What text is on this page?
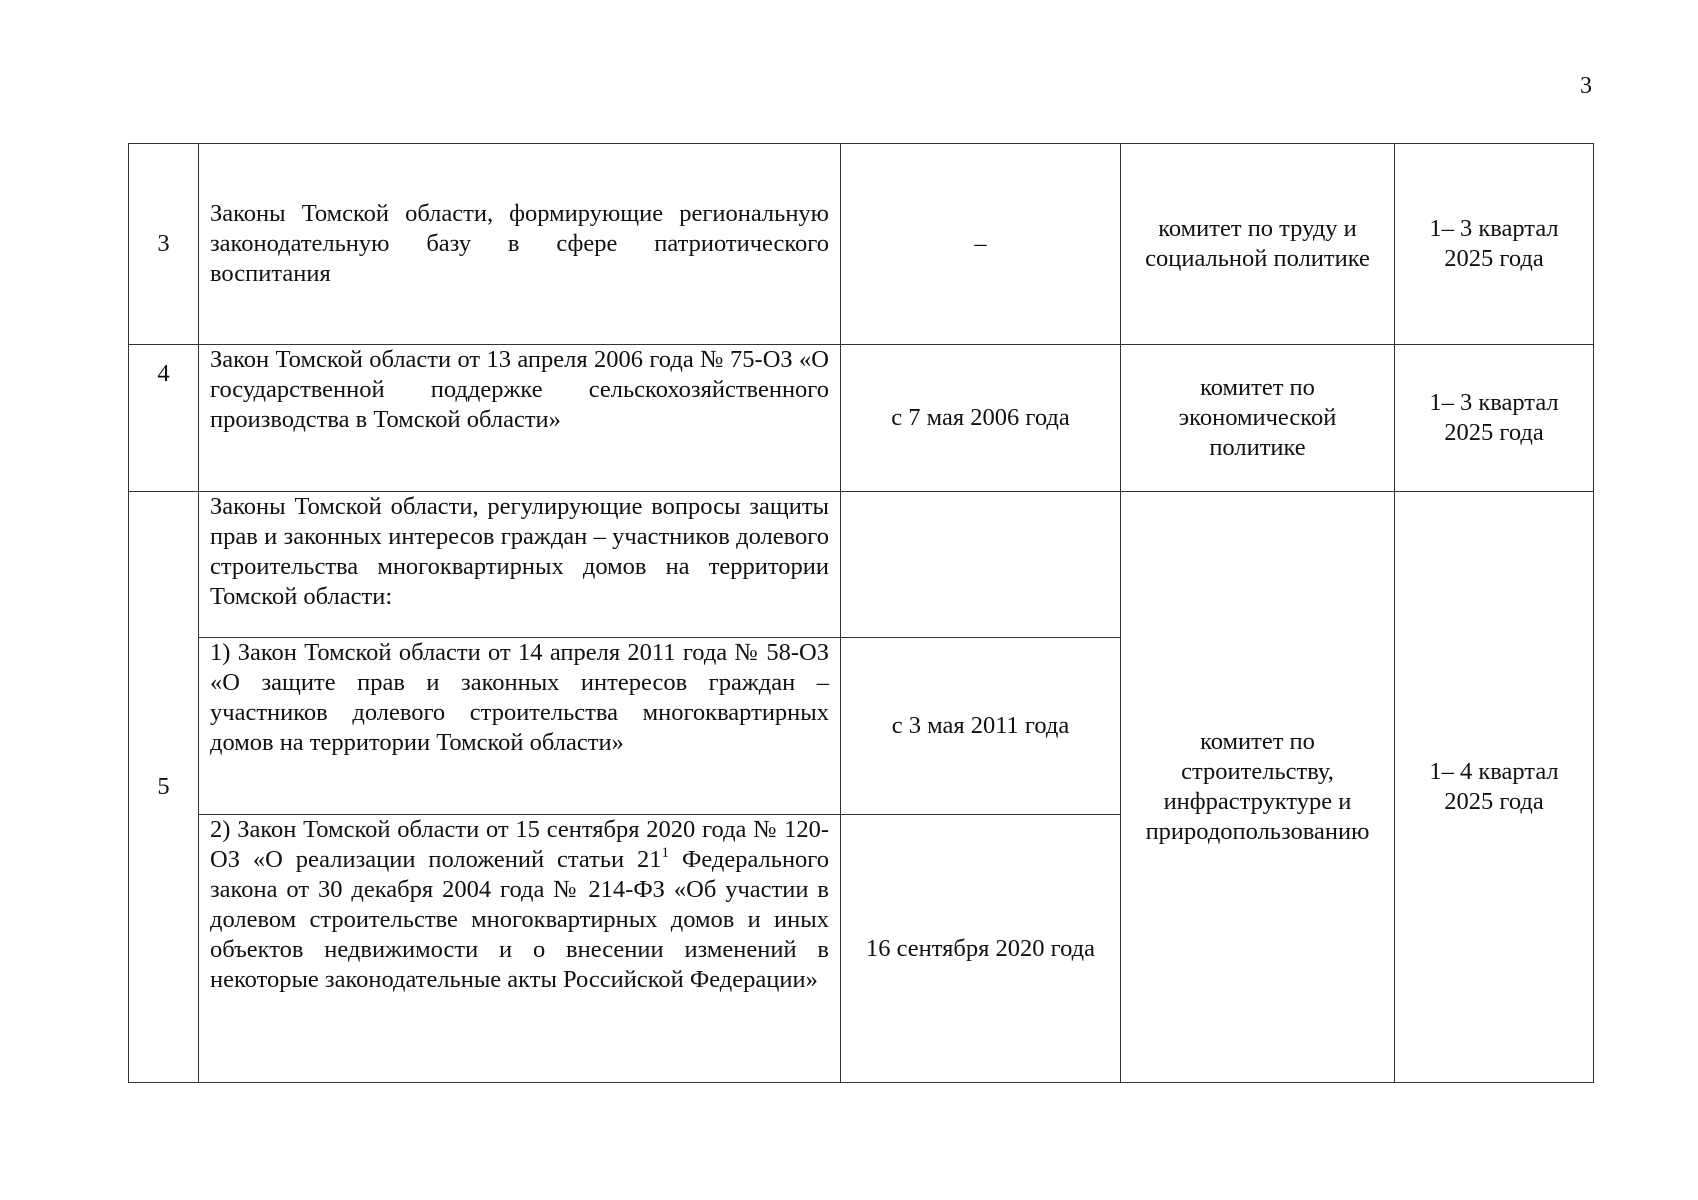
3
3	Законы Томской области, формирующие региональную законодательную базу в сфере патриотического воспитания	–	комитет по труду и социальной политике	1– 3 квартал 2025 года
4	Закон Томской области от 13 апреля 2006 года № 75-ОЗ «О государственной поддержке сельскохозяйственного производства в Томской области»	с 7 мая 2006 года	комитет по экономической политике	1– 3 квартал 2025 года
5	Законы Томской области, регулирующие вопросы защиты прав и законных интересов граждан – участников долевого строительства многоквартирных домов на территории Томской области:		комитет по строительству, инфраструктуре и природопользованию	1– 4 квартал 2025 года
	1) Закон Томской области от 14 апреля 2011 года № 58-ОЗ «О защите прав и законных интересов граждан – участников долевого строительства многоквартирных домов на территории Томской области»	с 3 мая 2011 года		
	2) Закон Томской области от 15 сентября 2020 года № 120-ОЗ «О реализации положений статьи $21^1$ Федерального закона от 30 декабря 2004 года № 214-ФЗ «Об участии в долевом строительстве многоквартирных домов и иных объектов недвижимости и о внесении изменений в некоторые законодательные акты Российской Федерации»	16 сентября 2020 года		
